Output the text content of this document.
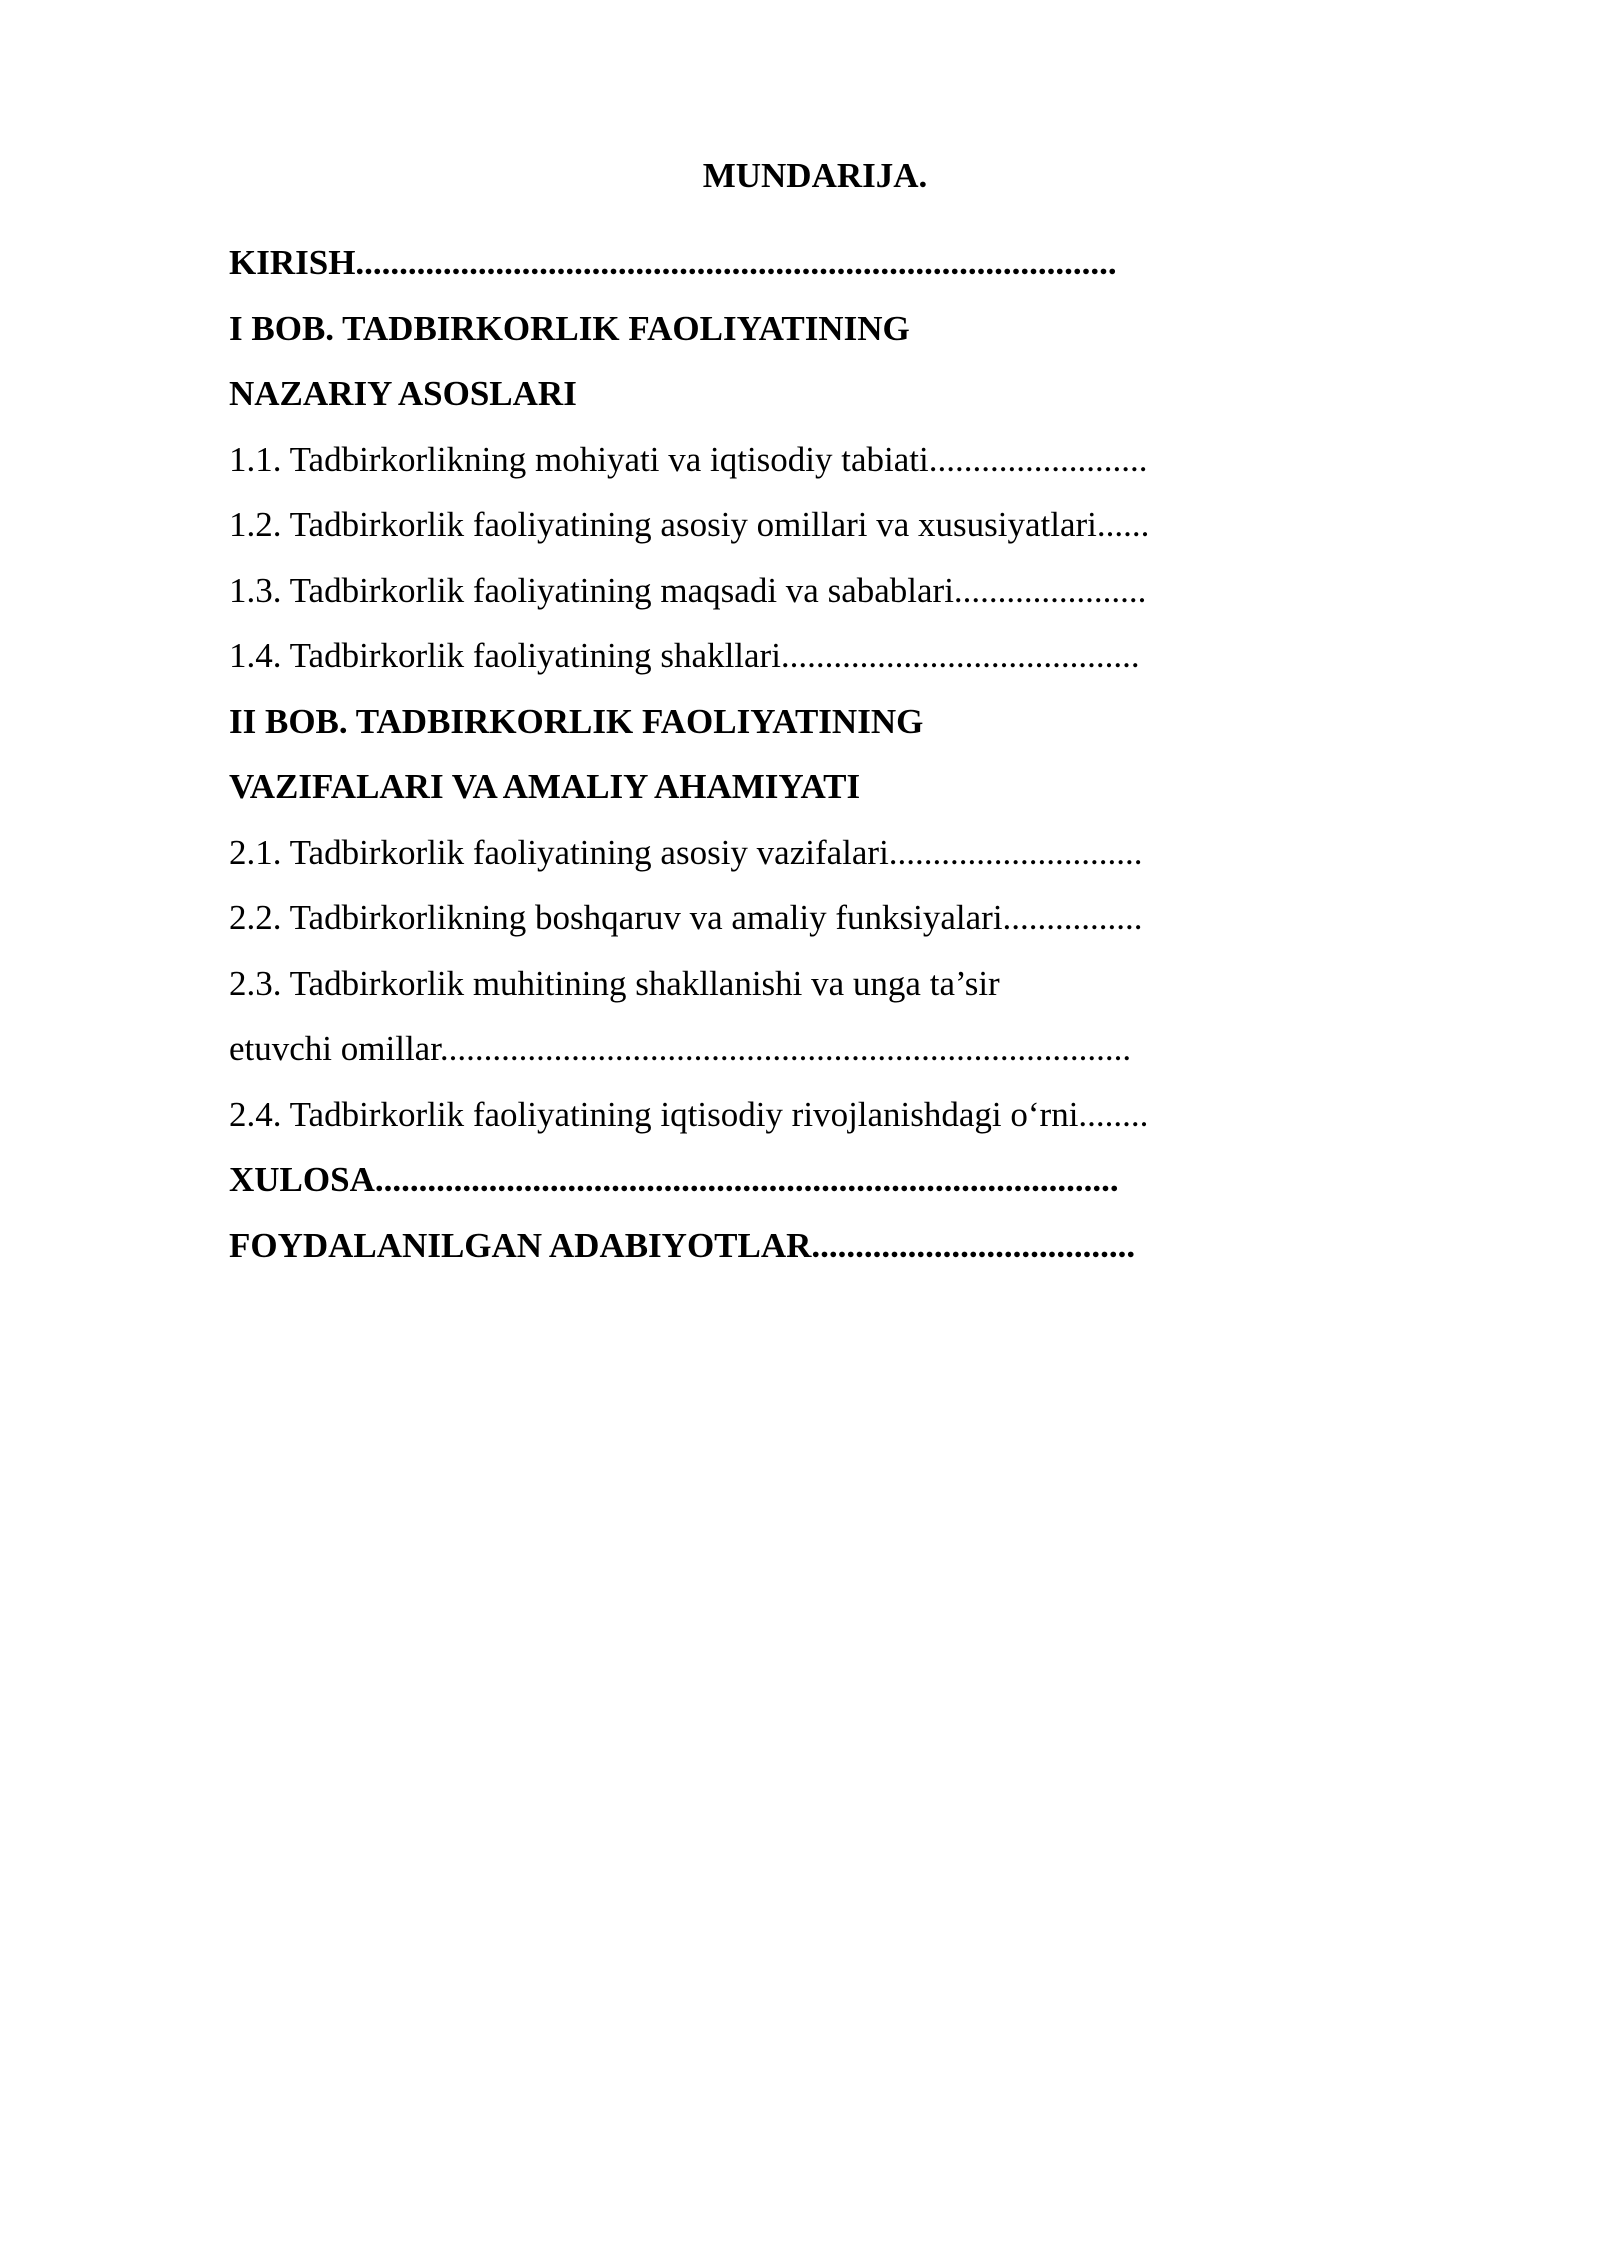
MUNDARIJA.
KIRISH.......................................................................................
I BOB. TADBIRKORLIK FAOLIYATINING
NAZARIY ASOSLARI
1.1. Tadbirkorlikning mohiyati va iqtisodiy tabiati.........................
1.2. Tadbirkorlik faoliyatining asosiy omillari va xususiyatlari......
1.3. Tadbirkorlik faoliyatining maqsadi va sabablari......................
1.4. Tadbirkorlik faoliyatining shakllari.........................................
II BOB. TADBIRKORLIK FAOLIYATINING
VAZIFALARI VA AMALIY AHAMIYATI
2.1. Tadbirkorlik faoliyatining asosiy vazifalari.............................
2.2. Tadbirkorlikning boshqaruv va amaliy funksiyalari................
2.3. Tadbirkorlik muhitining shakllanishi va unga ta’sir
etuvchi omillar...............................................................................
2.4. Tadbirkorlik faoliyatining iqtisodiy rivojlanishdagi o‘rni........
XULOSA.....................................................................................
FOYDALANILGAN ADABIYOTLAR.....................................
